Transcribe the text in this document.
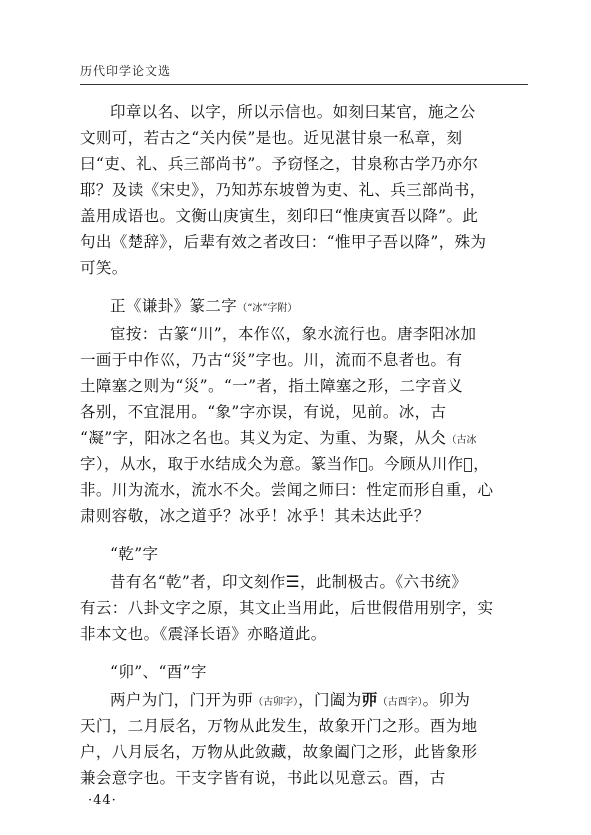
历代印学论文选
印章以名、以字，所以示信也。如刻曰某官，施之公
文则可，若古之“关内侯”是也。近见湛甘泉一私章，刻
曰“吏、礼、兵三部尚书”。予窃怪之，甘泉称古学乃亦尔
耶？及读《宋史》，乃知苏东坡曾为吏、礼、兵三部尚书，
盖用成语也。文衡山庚寅生，刻印曰“惟庚寅吾以降”。此
句出《楚辞》，后辈有效之者改曰：“惟甲子吾以降”，殊为
可笑。
正《谦卦》篆二字（“冰”字附）
宦按：古篆“川”，本作巛，象水流行也。唐李阳冰加
一画于中作巛，乃古“災”字也。川，流而不息者也。有
土障塞之则为“災”。“一”者，指土障塞之形，二字音义
各别，不宜混用。“象”字亦误，有说，见前。冰，古
“凝”字，阳冰之名也。其义为定、为重、为聚，从仌（古冰
字），从水，取于水结成仌为意。篆当作𣲖。今顾从川作𣲖，
非。川为流水，流水不仌。尝闻之师曰：性定而形自重，心
肃则容敬，冰之道乎？冰乎！冰乎！其未达此乎？
“乾”字
昔有名“乾”者，印文刻作☰，此制极古。《六书统》
有云：八卦文字之原，其文止当用此，后世假借用别字，实
非本文也。《震泽长语》亦略道此。
“卯”、“酉”字
两户为门，门开为丣（古卯字），门阖为丣（古酉字）。卯为
天门，二月辰名，万物从此发生，故象开门之形。酉为地
户，八月辰名，万物从此敛藏，故象阖门之形，此皆象形
兼会意字也。干支字皆有说，书此以见意云。酉，古
·44·
